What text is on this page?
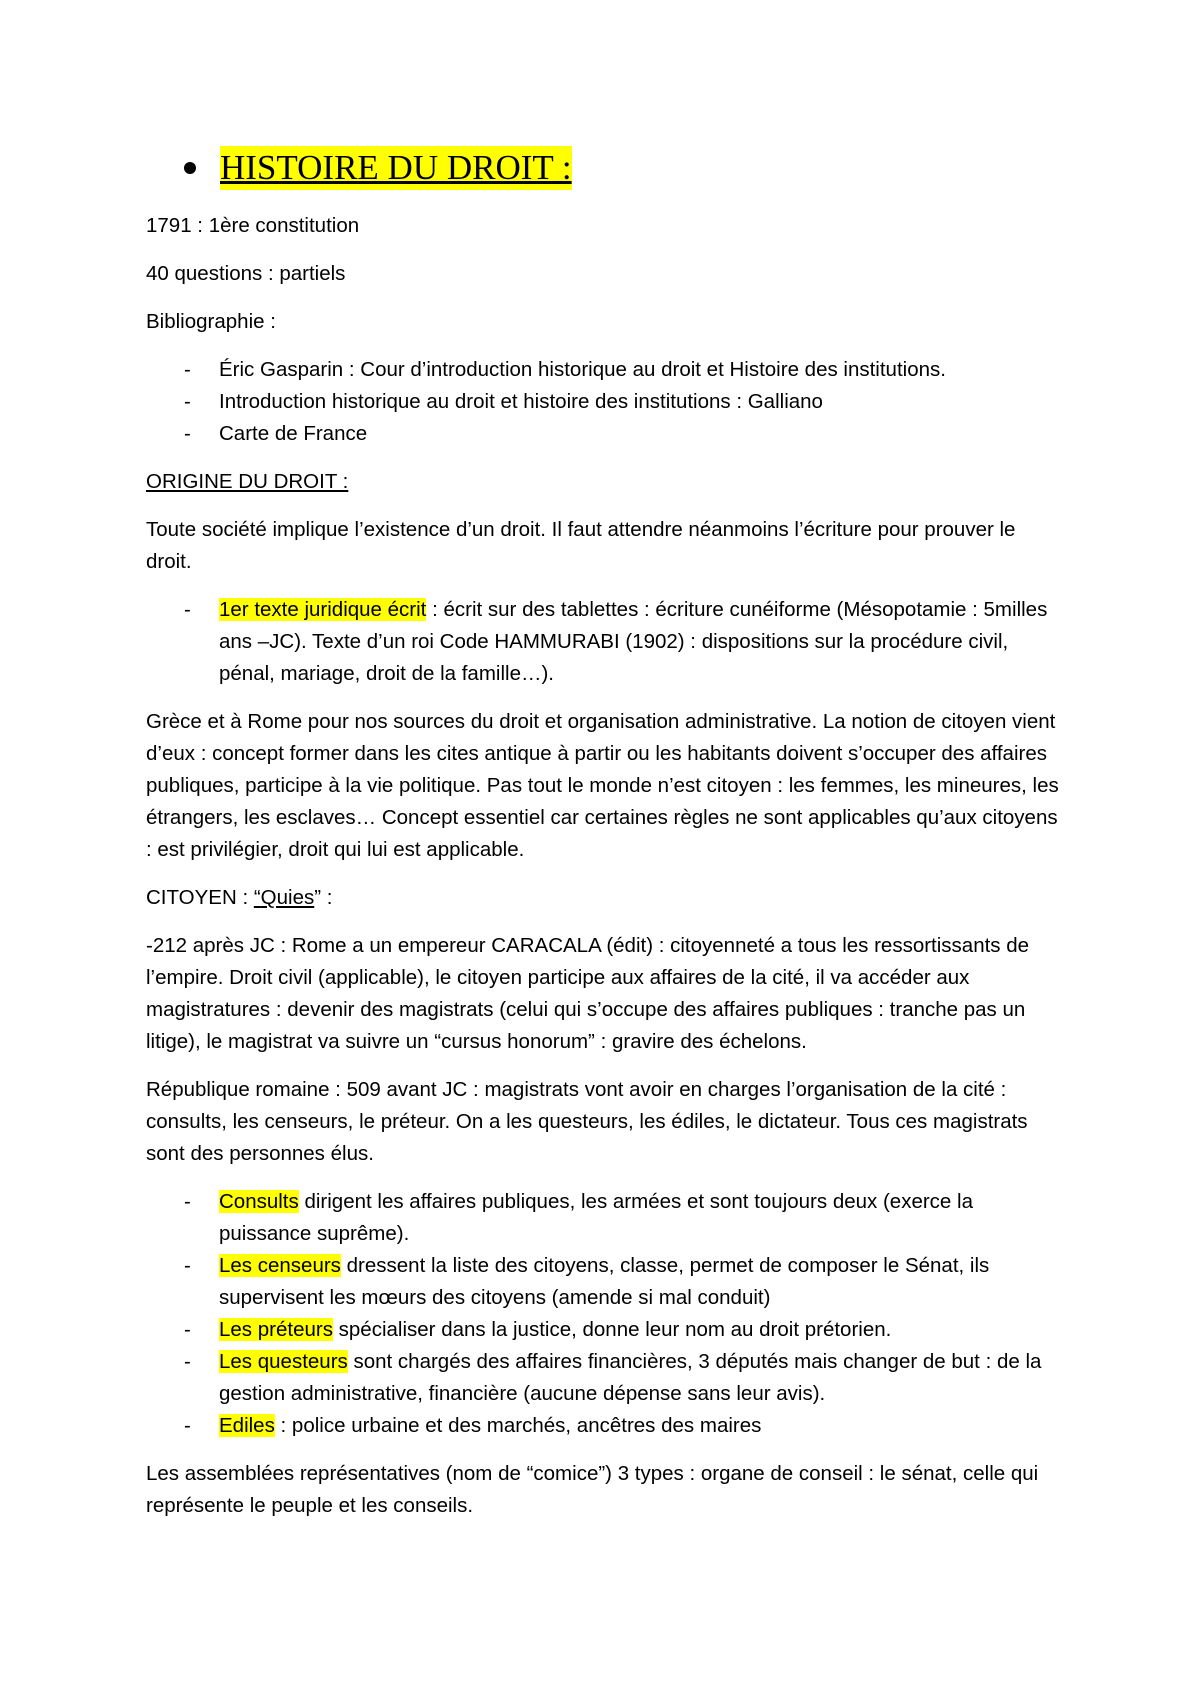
HISTOIRE DU DROIT :

1791 : 1ère constitution

40 questions : partiels

Bibliographie :

- Éric Gasparin : Cour d’introduction historique au droit et Histoire des institutions.
- Introduction historique au droit et histoire des institutions : Galliano
- Carte de France

ORIGINE DU DROIT :

Toute société implique l’existence d’un droit. Il faut attendre néanmoins l’écriture pour prouver le droit.

- 1er texte juridique écrit : écrit sur des tablettes : écriture cunéiforme (Mésopotamie : 5milles ans –JC). Texte d’un roi Code HAMMURABI (1902) : dispositions sur la procédure civil, pénal, mariage, droit de la famille…).

Grèce et à Rome pour nos sources du droit et organisation administrative. La notion de citoyen vient d’eux : concept former dans les cites antique à partir ou les habitants doivent s’occuper des affaires publiques, participe à la vie politique. Pas tout le monde n’est citoyen : les femmes, les mineures, les étrangers, les esclaves… Concept essentiel car certaines règles ne sont applicables qu’aux citoyens : est privilégier, droit qui lui est applicable.

CITOYEN : “Quies” :

-212 après JC : Rome a un empereur CARACALA (édit) : citoyenneté a tous les ressortissants de l’empire. Droit civil (applicable), le citoyen participe aux affaires de la cité, il va accéder aux magistratures : devenir des magistrats (celui qui s’occupe des affaires publiques : tranche pas un litige), le magistrat va suivre un “cursus honorum” : gravire des échelons.

République romaine : 509 avant JC : magistrats vont avoir en charges l’organisation de la cité : consults, les censeurs, le préteur. On a les questeurs, les édiles, le dictateur. Tous ces magistrats sont des personnes élus.

- Consults dirigent les affaires publiques, les armées et sont toujours deux (exerce la puissance suprême).
- Les censeurs dressent la liste des citoyens, classe, permet de composer le Sénat, ils supervisent les mœurs des citoyens (amende si mal conduit)
- Les préteurs spécialiser dans la justice, donne leur nom au droit prétorien.
- Les questeurs sont chargés des affaires financières, 3 députés mais changer de but : de la gestion administrative, financière (aucune dépense sans leur avis).
- Ediles : police urbaine et des marchés, ancêtres des maires

Les assemblées représentatives (nom de “comice”) 3 types : organe de conseil : le sénat, celle qui représente le peuple et les conseils.
